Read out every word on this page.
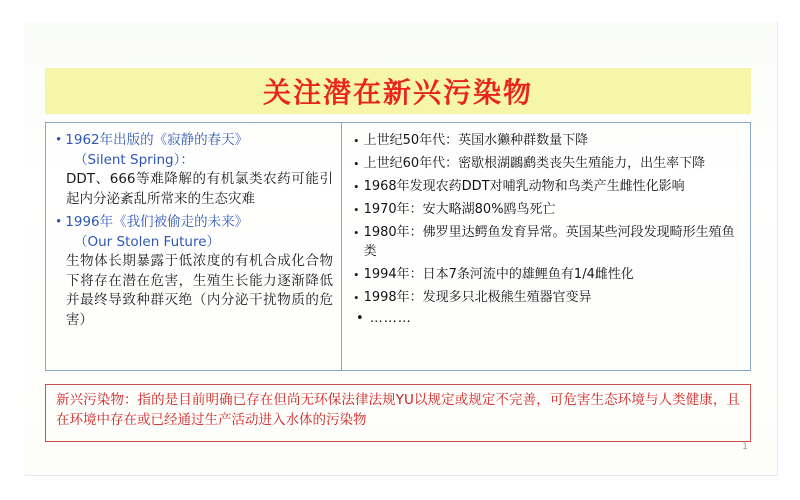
关注潜在新兴污染物
• 1962年出版的《寂静的春天》
（Silent Spring）：
DDT、666等难降解的有机氯类农药可能引起内分泌紊乱所常来的生态灾难
• 1996年《我们被偷走的未来》
（Our Stolen Future）
生物体长期暴露于低浓度的有机合成化合物下将存在潜在危害，生殖生长能力逐渐降低并最终导致种群灭绝（内分泌干扰物质的危害）
• 上世纪50年代：英国水獭种群数量下降
• 上世纪60年代：密歇根湖鸊䴘类丧失生殖能力，出生率下降
• 1968年发现农药DDT对哺乳动物和鸟类产生雌性化影响
• 1970年：安大略湖80%鸥鸟死亡
• 1980年：佛罗里达鳄鱼发育异常。英国某些河段发现畸形生殖鱼类
• 1994年：日本7条河流中的雄鲤鱼有1/4雌性化
• 1998年：发现多只北极熊生殖器官变异
• ………
新兴污染物：指的是目前明确已存在但尚无环保法律法规YU以规定或规定不完善，可危害生态环境与人类健康，且在环境中存在或已经通过生产活动进入水体的污染物
1
